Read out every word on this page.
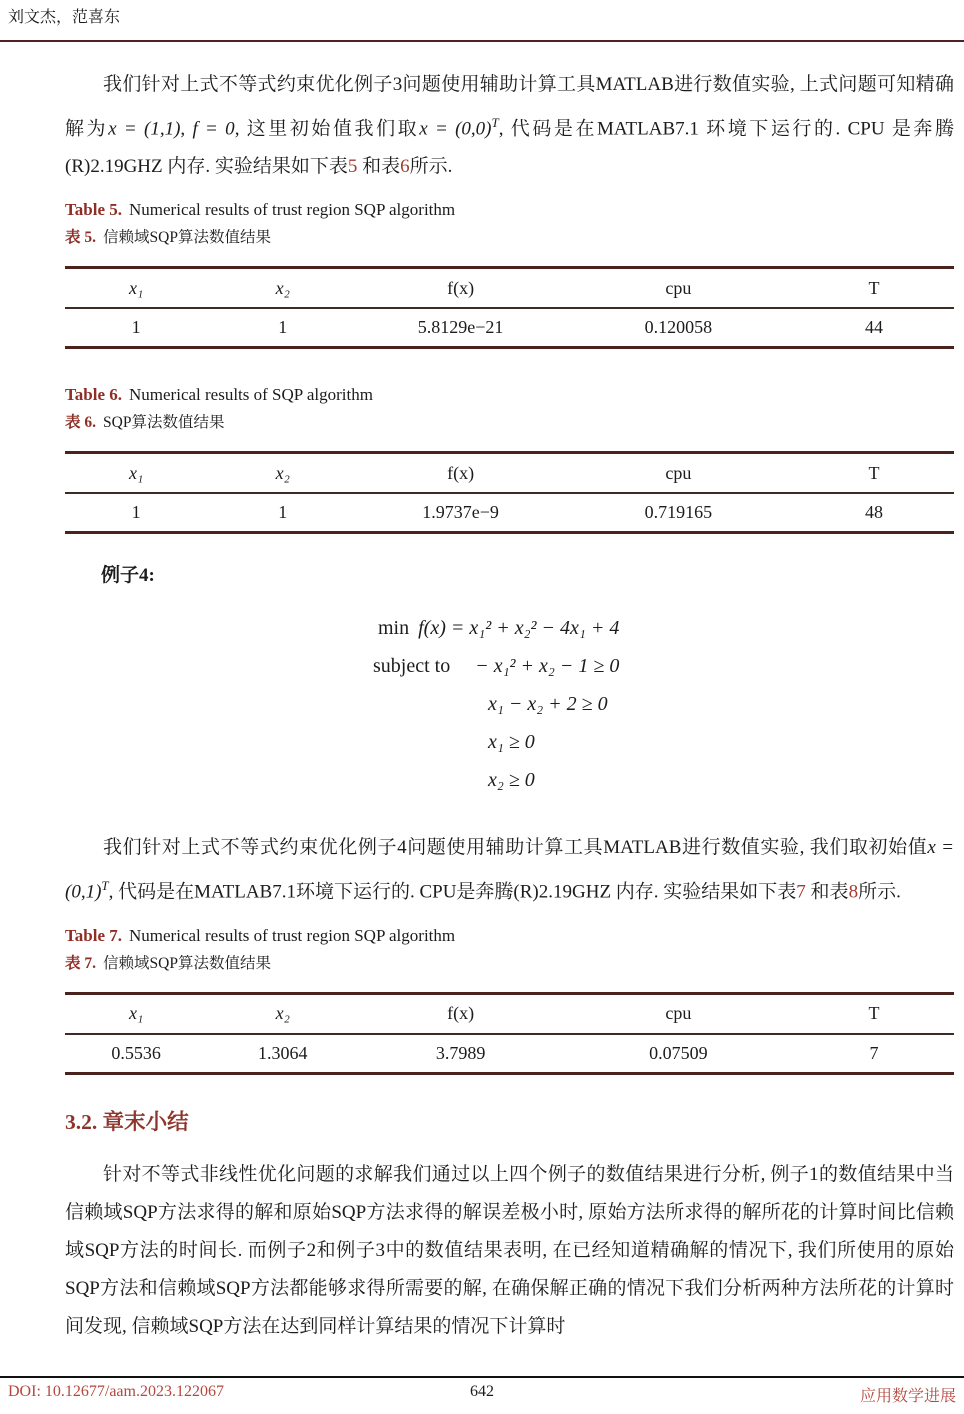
刘文杰，范喜东

我们针对上式不等式约束优化例子3问题使用辅助计算工具MATLAB进行数值实验, 上式问题可知精确解为x = (1,1), f = 0, 这里初始值我们取$x = (0,0)^T$, 代码是在MATLAB7.1 环境下运行的. CPU 是奔腾(R)2.19GHZ 内存. 实验结果如下表5 和表6所示.

Table 5. Numerical results of trust region SQP algorithm
表 5. 信赖域SQP算法数值结果
x₁	x₂	f(x)	cpu	T
1	1	5.8129e−21	0.120058	44
Table 6. Numerical results of SQP algorithm
表 6. SQP算法数值结果
x₁	x₂	f(x)	cpu	T
1	1	1.9737e−9	0.719165	48
例子4:
min f(x) = x₁² + x₂² − 4x₁ + 4
subject to − x₁² + x₂ − 1 ≥ 0
x₁ − x₂ + 2 ≥ 0
x₁ ≥ 0
x₂ ≥ 0

我们针对上式不等式约束优化例子4问题使用辅助计算工具MATLAB进行数值实验, 我们取初始值$x = (0,1)^T$, 代码是在MATLAB7.1环境下运行的. CPU是奔腾(R)2.19GHZ 内存. 实验结果如下表7 和表8所示.

Table 7. Numerical results of trust region SQP algorithm
表 7. 信赖域SQP算法数值结果
x₁	x₂	f(x)	cpu	T
0.5536	1.3064	3.7989	0.07509	7
3.2. 章末小结

针对不等式非线性优化问题的求解我们通过以上四个例子的数值结果进行分析, 例子1的数值结果中当信赖域SQP方法求得的解和原始SQP方法求得的解误差极小时, 原始方法所求得的解所花的计算时间比信赖域SQP方法的时间长. 而例子2和例子3中的数值结果表明, 在已经知道精确解的情况下, 我们所使用的原始SQP方法和信赖域SQP方法都能够求得所需要的解, 在确保解正确的情况下我们分析两种方法所花的计算时间发现, 信赖域SQP方法在达到同样计算结果的情况下计算时

DOI: 10.12677/aam.2023.122067	642	应用数学进展
